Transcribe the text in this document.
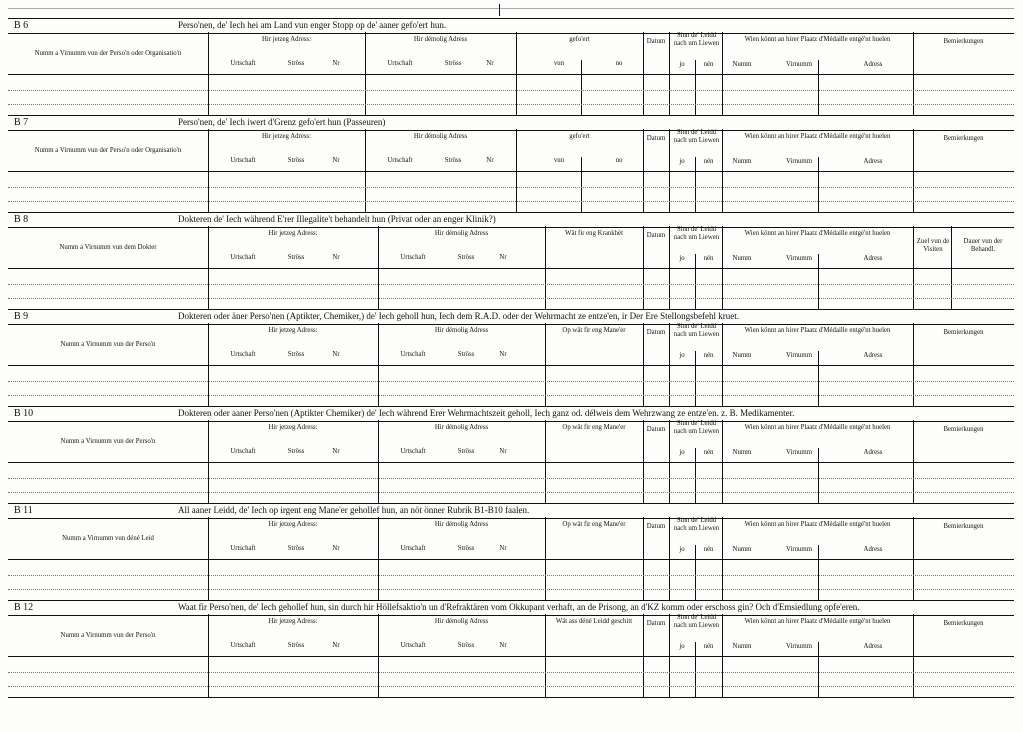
B 6	Perso'nen, de' Iech hei am Land vun enger Stopp op de' aaner gefo'ert hun.
Numm a Virnumm vun der Perso'n oder Organisatio'n
Hir jetzeg Adress:
Urtschaft	Ströss	Nr
Hir démolig Adress
Urtschaft	Ströss	Nr
gefo'ert
vun	no
Datum
Sinn de' Leidd nach um Liewen
jo	nén
Wien könnt an hirer Plaatz d'Médaille entgé'nt huelen
Numm	Virnumm	Adress
Bemierkungen
B 7	Perso'nen, de' Iech iwert d'Grenz gefo'ert hun (Passeuren)
Numm a Virnumm vun der Perso'n oder Organisatio'n
Hir jetzeg Adress:
Urtschaft	Ströss	Nr
Hir démolig Adress
Urtschaft	Ströss	Nr
gefo'ert
vun	no
Datum
Sinn de' Leidd nach um Liewen
jo	nén
Wien könnt an hirer Plaatz d'Médaille entgé'nt huelen
Numm	Virnumm	Adress
Bemierkungen
B 8	Dokteren de' Iech während E'rer Illegalite't behandelt hun (Privat oder an enger Klinik?)
Numm a Virnumm vun dem Dokter
Hir jetzeg Adress:
Urtschaft	Ströss	Nr
Hir démolig Adress
Urtschaft	Ströss	Nr
Wät fir eng Krankhét	Datum
Sinn de' Leidd nach um Liewen
jo	nén
Wien könnt an hirer Plaatz d'Médaille entgé'nt huelen
Numm	Virnumm	Adress
Zuel vun de Visiten
Dauer vun der Behandl.
B 9	Dokteren oder äner Perso'nen (Aptikter, Chemiker,) de' Iech geholl hun, Iech dem R.A.D. oder der Wehrmacht ze entze'en, ir Der Ere Stellongsbefehl kruet.
Numm a Virnumm vun der Perso'n
Hir jetzeg Adress:
Urtschaft	Ströss	Nr
Hir démolig Adress
Urtschaft	Ströss	Nr
Op wät fir eng Mane'er	Datum
Sinn de' Leidd nach um Liewen
jo	nén
Wien könnt an hirer Plaatz d'Médaille entgé'nt huelen
Numm	Virnumm	Adress
Bemierkungen
B 10	Dokteren oder aaner Perso'nen (Aptikter Chemiker) de' Iech während Erer Wehrmachtszeit geholl, Iech ganz od. délweis dem Wehrzwang ze entze'en. z. B. Medikamenter.
Numm a Virnumm vun der Perso'n
Hir jetzeg Adress:
Urtschaft	Ströss	Nr
Hir démolig Adress
Urtschaft	Ströss	Nr
Op wät fir eng Mane'er	Datum
Sinn de' Leidd nach um Liewen
jo	nén
Wien könnt an hirer Plaatz d'Médaille entgé'nt huelen
Numm	Virnumm	Adress
Bemierkungen
B 11	All aaner Leidd, de' Iech op irgent eng Mane'er gehollef hun, an nöt önner Rubrik B1-B10 faalen.
Numm a Virnumm vun déné Leid
Hir jetzeg Adress:
Urtschaft	Ströss	Nr
Hir démolig Adress
Urtschaft	Ströss	Nr
Op wät fir eng Mane'er	Datum
Sinn de' Leidd nach um Liewen
jo	nén
Wien könnt an hirer Plaatz d'Médaille entgé'nt huelen
Numm	Virnumm	Adress
Bemierkungen
B 12	Waat fir Perso'nen, de' Iech gehollef hun, sin durch hir Höllefsaktio'n un d'Refraktären vom Okkupant verhaft, an de Prisong, an d'KZ komm oder erschoss gin? Och d'Emsiedlung opfe'eren.
Numm a Virnumm vun der Perso'n
Hir jetzeg Adress:
Urtschaft	Ströss	Nr
Hir démolig Adress
Urtschaft	Ströss	Nr
Wät ass déné Leidd geschitt	Datum
Sinn de' Leidd nach um Liewen
jo	nén
Wien könnt an hirer Plaatz d'Médaille entgé'nt huelen
Numm	Virnumm	Adress
Bemierkungen
